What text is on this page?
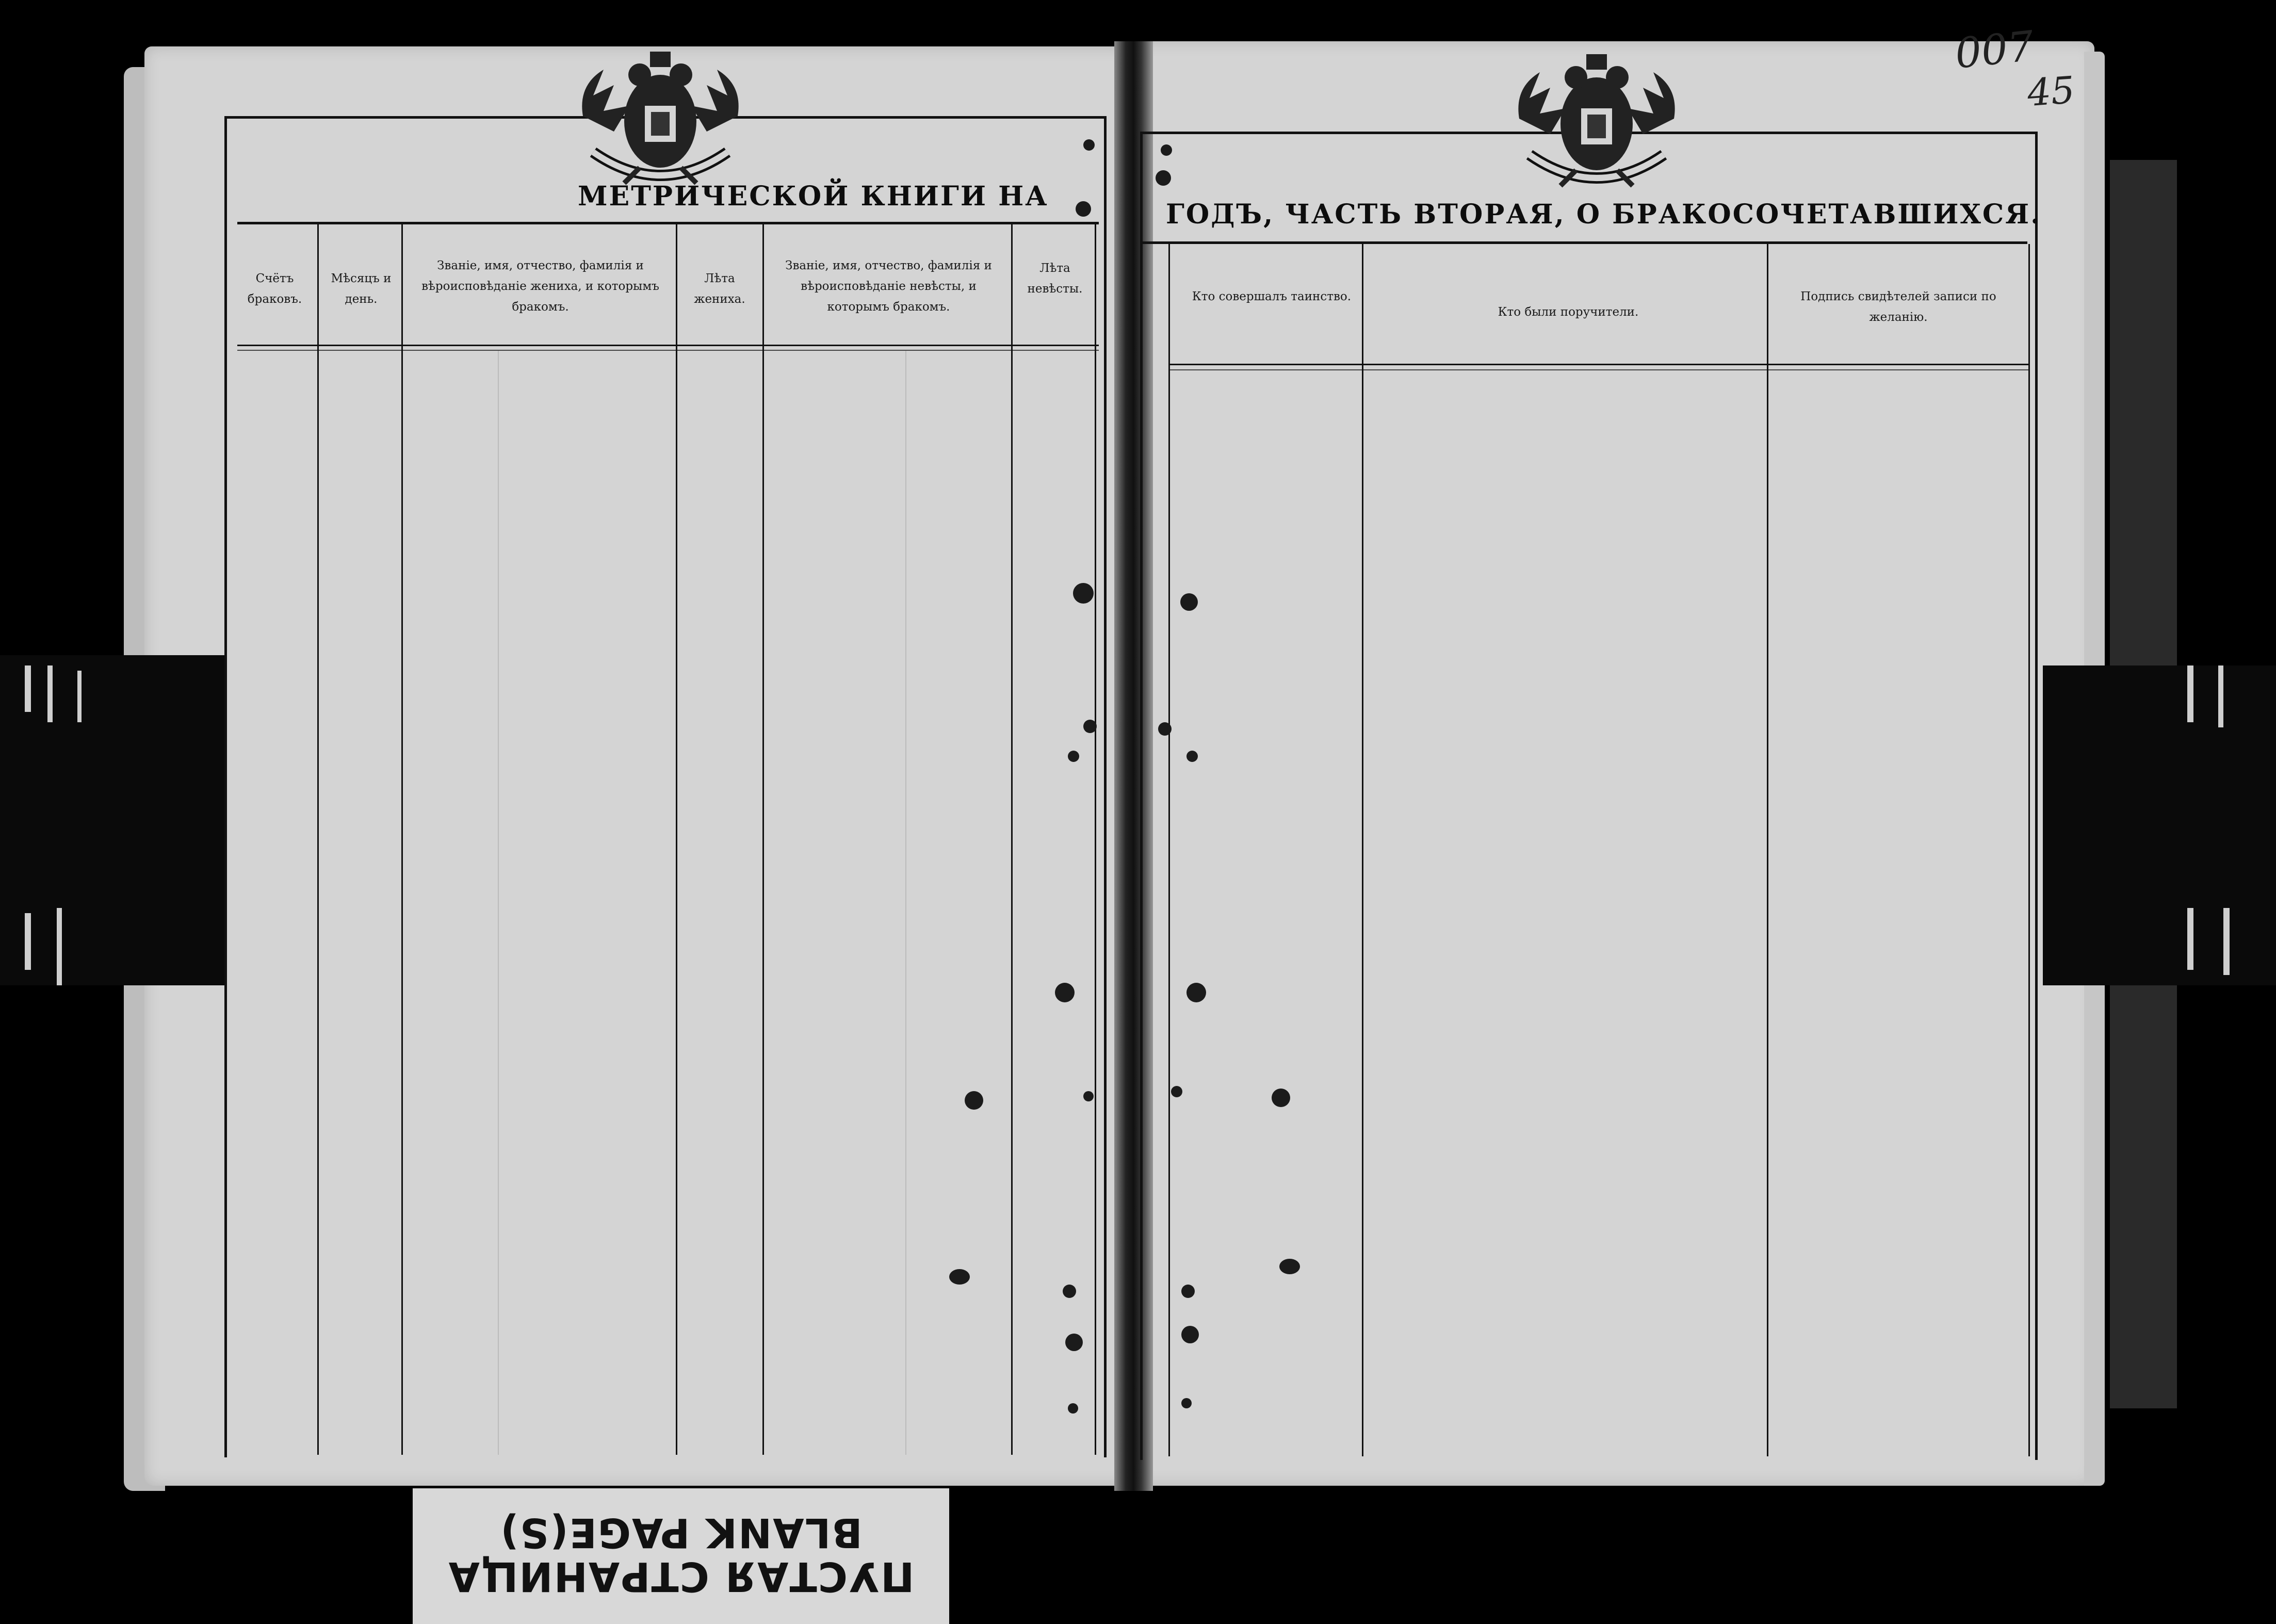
МЕТРИЧЕСКОЙ КНИГИ НА
Счётъ браковъ.
Мѣсяцъ и день.
Званіе, имя, отчество, фамилія и вѣроисповѣданіе жениха, и которымъ бракомъ.
Лѣта жениха.
Званіе, имя, отчество, фамилія и вѣроисповѣданіе невѣсты, и которымъ бракомъ.
Лѣта невѣсты.
ГОДЪ, ЧАСТЬ ВТОРАЯ, О БРАКОСОЧЕТАВШИХСЯ.
Кто совершалъ таинство.
Кто были поручители.
Подпись свидѣтелей записи по желанію.
007
45
ПУСТАЯ СТРАНИЦА
BLANK PAGE(S)
